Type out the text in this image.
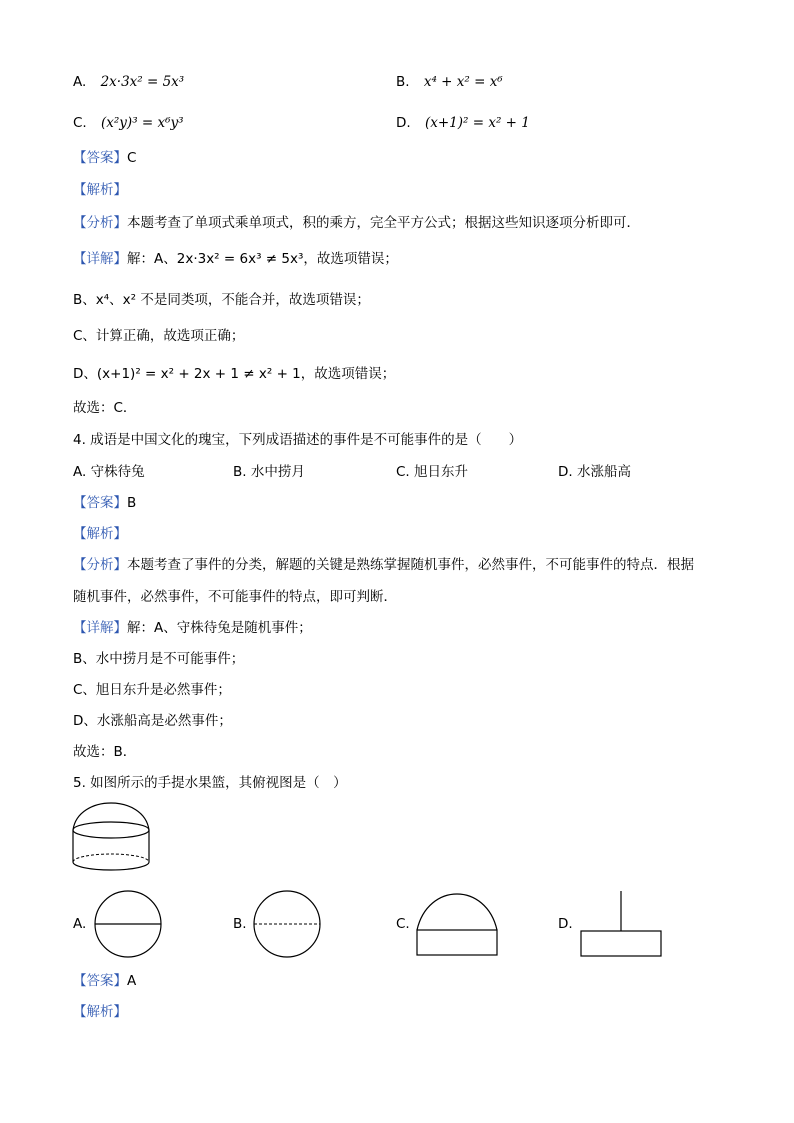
A. 2x·3x² = 5x³	B. x⁴ + x² = x⁶
C. (x²y)³ = x⁶y³	D. (x+1)² = x² + 1
【答案】C
【解析】
【分析】本题考查了单项式乘单项式，积的乘方，完全平方公式；根据这些知识逐项分析即可．
【详解】解：A、2x·3x² = 6x³ ≠ 5x³，故选项错误；
B、x⁴、x² 不是同类项，不能合并，故选项错误；
C、计算正确，故选项正确；
D、(x+1)² = x² + 2x + 1 ≠ x² + 1，故选项错误；
故选：C．
4. 成语是中国文化的瑰宝，下列成语描述的事件是不可能事件的是（　　）
A. 守株待兔	B. 水中捞月	C. 旭日东升	D. 水涨船高
【答案】B
【解析】
【分析】本题考查了事件的分类，解题的关键是熟练掌握随机事件，必然事件，不可能事件的特点．根据
随机事件，必然事件，不可能事件的特点，即可判断．
【详解】解：A、守株待兔是随机事件；
B、水中捞月是不可能事件；
C、旭日东升是必然事件；
D、水涨船高是必然事件；
故选：B．
5. 如图所示的手提水果篮，其俯视图是（　）
A.	B.	C.	D.
【答案】A
【解析】
